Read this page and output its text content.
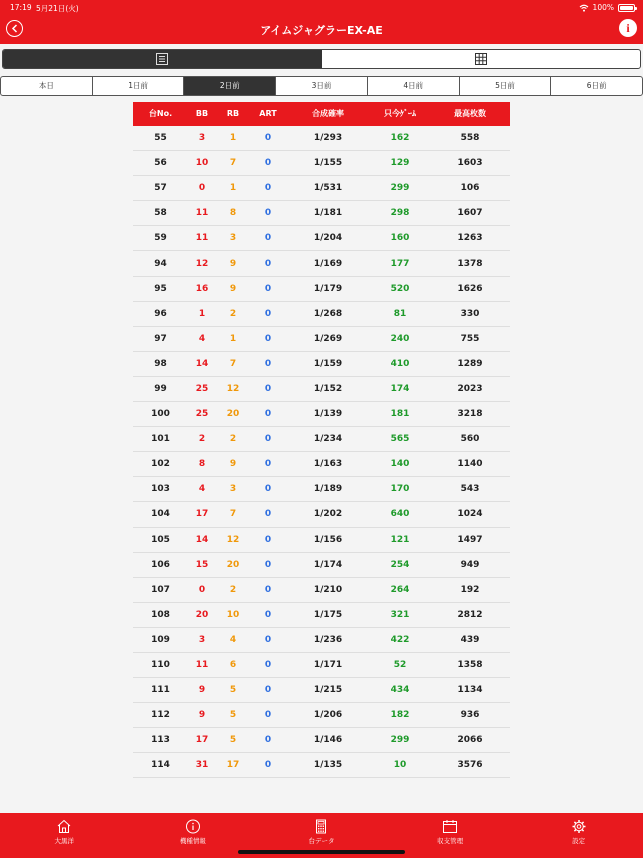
17:19 5月21日(火)	100%
アイムジャグラーEX-AE	i
本日	1日前	2日前	3日前	4日前	5日前	6日前
台No.	BB	RB	ART	合成確率	只今ｹﾞｰﾑ	最高枚数
55	3	1	0	1/293	162	558
56	10	7	0	1/155	129	1603
57	0	1	0	1/531	299	106
58	11	8	0	1/181	298	1607
59	11	3	0	1/204	160	1263
94	12	9	0	1/169	177	1378
95	16	9	0	1/179	520	1626
96	1	2	0	1/268	81	330
97	4	1	0	1/269	240	755
98	14	7	0	1/159	410	1289
99	25	12	0	1/152	174	2023
100	25	20	0	1/139	181	3218
101	2	2	0	1/234	565	560
102	8	9	0	1/163	140	1140
103	4	3	0	1/189	170	543
104	17	7	0	1/202	640	1024
105	14	12	0	1/156	121	1497
106	15	20	0	1/174	254	949
107	0	2	0	1/210	264	192
108	20	10	0	1/175	321	2812
109	3	4	0	1/236	422	439
110	11	6	0	1/171	52	1358
111	9	5	0	1/215	434	1134
112	9	5	0	1/206	182	936
113	17	5	0	1/146	299	2066
114	31	17	0	1/135	10	3576
大黒洋	機種情報	台データ	収支管理	設定
